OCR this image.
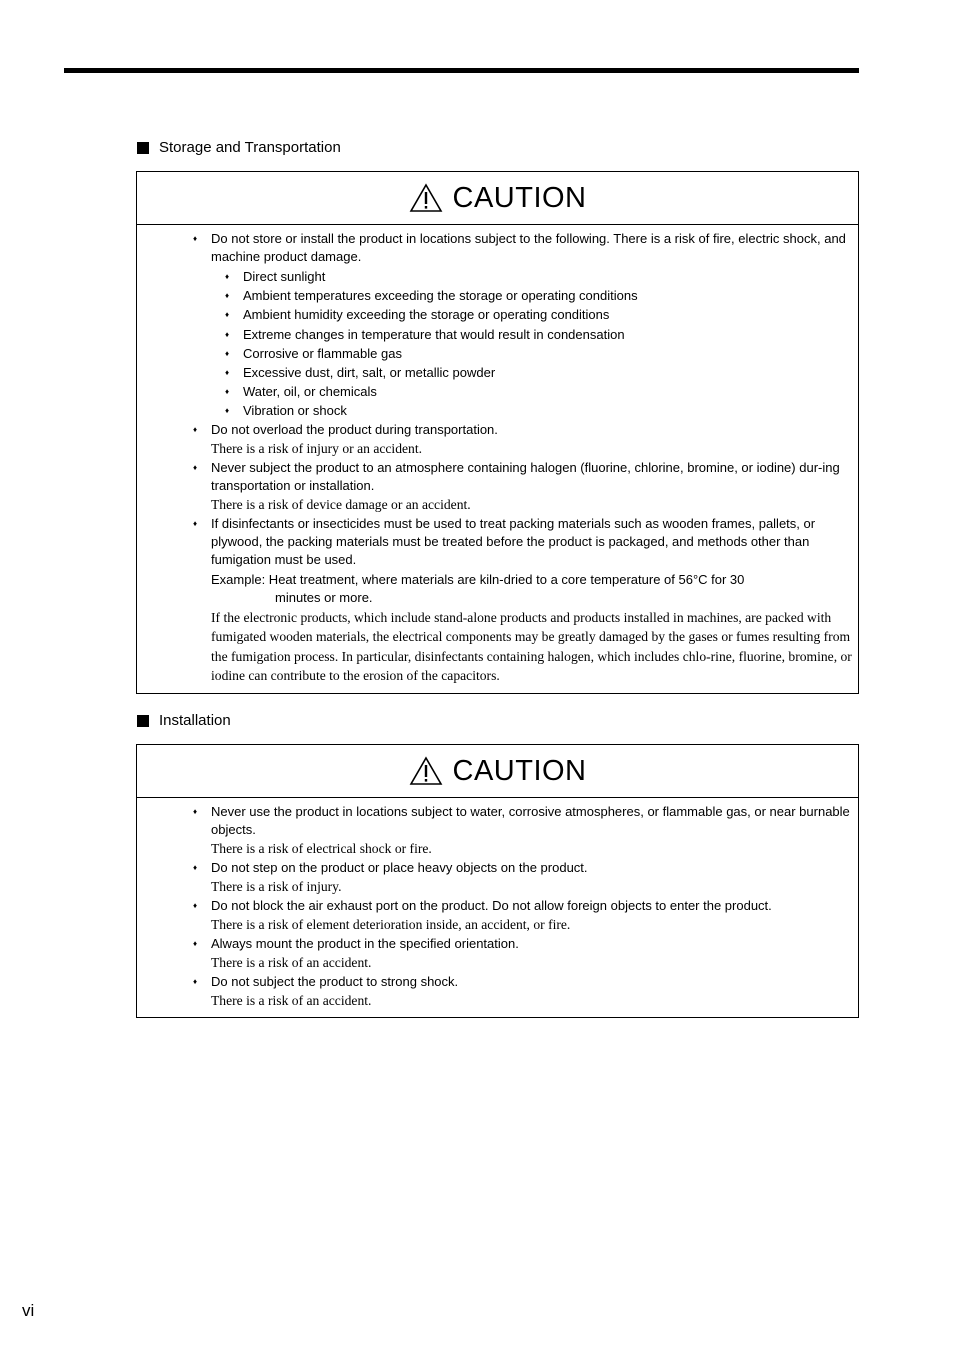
Storage and Transportation
CAUTION
♦ Do not store or install the product in locations subject to the following. There is a risk of fire, electric shock, and machine product damage.
♦ Direct sunlight
♦ Ambient temperatures exceeding the storage or operating conditions
♦ Ambient humidity exceeding the storage or operating conditions
♦ Extreme changes in temperature that would result in condensation
♦ Corrosive or flammable gas
♦ Excessive dust, dirt, salt, or metallic powder
♦ Water, oil, or chemicals
♦ Vibration or shock
♦ Do not overload the product during transportation.
There is a risk of injury or an accident.
♦ Never subject the product to an atmosphere containing halogen (fluorine, chlorine, bromine, or iodine) dur-ing transportation or installation.
There is a risk of device damage or an accident.
♦ If disinfectants or insecticides must be used to treat packing materials such as wooden frames, pallets, or plywood, the packing materials must be treated before the product is packaged, and methods other than fumigation must be used.
Example: Heat treatment, where materials are kiln-dried to a core temperature of 56°C for 30
minutes or more.
If the electronic products, which include stand-alone products and products installed in machines, are packed with fumigated wooden materials, the electrical components may be greatly damaged by the gases or fumes resulting from the fumigation process. In particular, disinfectants containing halogen, which includes chlo-rine, fluorine, bromine, or iodine can contribute to the erosion of the capacitors.
Installation
CAUTION
♦ Never use the product in locations subject to water, corrosive atmospheres, or flammable gas, or near burnable objects.
There is a risk of electrical shock or fire.
♦ Do not step on the product or place heavy objects on the product.
There is a risk of injury.
♦ Do not block the air exhaust port on the product. Do not allow foreign objects to enter the product.
There is a risk of element deterioration inside, an accident, or fire.
♦ Always mount the product in the specified orientation.
There is a risk of an accident.
♦ Do not subject the product to strong shock.
There is a risk of an accident.
vi
